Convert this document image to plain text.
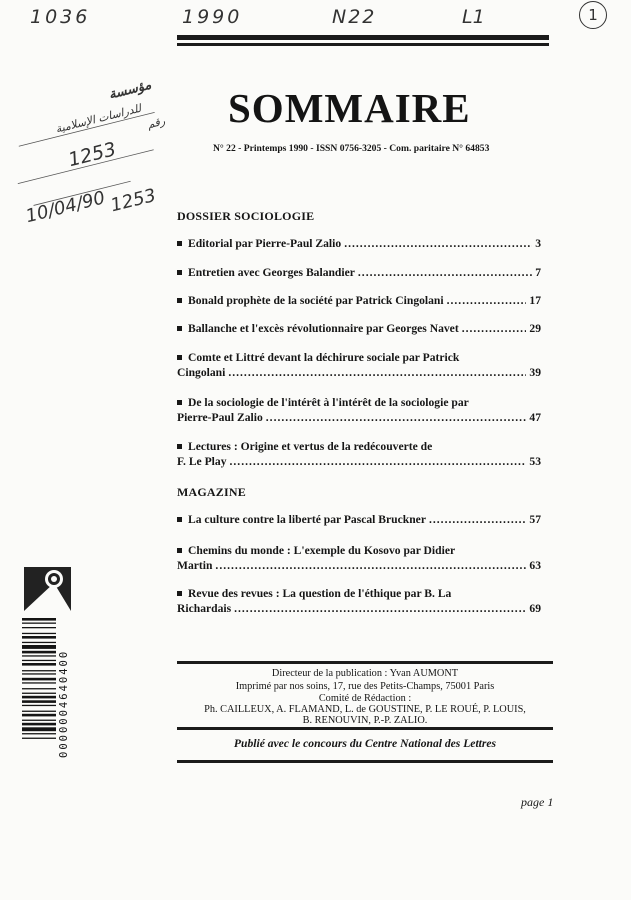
1036	1990	N22	L1	1
مؤسسة
للدراسات الإسلامية رقم
1253
10/04/90 1253
SOMMAIRE
N° 22 - Printemps 1990 - ISSN 0756-3205 - Com. paritaire N° 64853
DOSSIER SOCIOLOGIE
Editorial par Pierre-Paul Zalio .....	3
Entretien avec Georges Balandier .....	7
Bonald prophète de la société par Patrick Cingolani .....	17
Ballanche et l'excès révolutionnaire par Georges Navet .....	29
Comte et Littré devant la déchirure sociale par Patrick
Cingolani .....	39
De la sociologie de l'intérêt à l'intérêt de la sociologie par
Pierre-Paul Zalio .....	47
Lectures : Origine et vertus de la redécouverte de
F. Le Play .....	53
MAGAZINE
La culture contre la liberté par Pascal Bruckner .....	57
Chemins du monde : L'exemple du Kosovo par Didier
Martin .....	63
Revue des revues : La question de l'éthique par B. La
Richardais .....	69
Directeur de la publication : Yvan AUMONT
Imprimé par nos soins, 17, rue des Petits-Champs, 75001 Paris
Comité de Rédaction :
Ph. CAILLEUX, A. FLAMAND, L. de GOUSTINE, P. LE ROUÉ, P. LOUIS,
B. RENOUVIN, P.-P. ZALIO.
Publié avec le concours du Centre National des Lettres
page 1
0000004640400
